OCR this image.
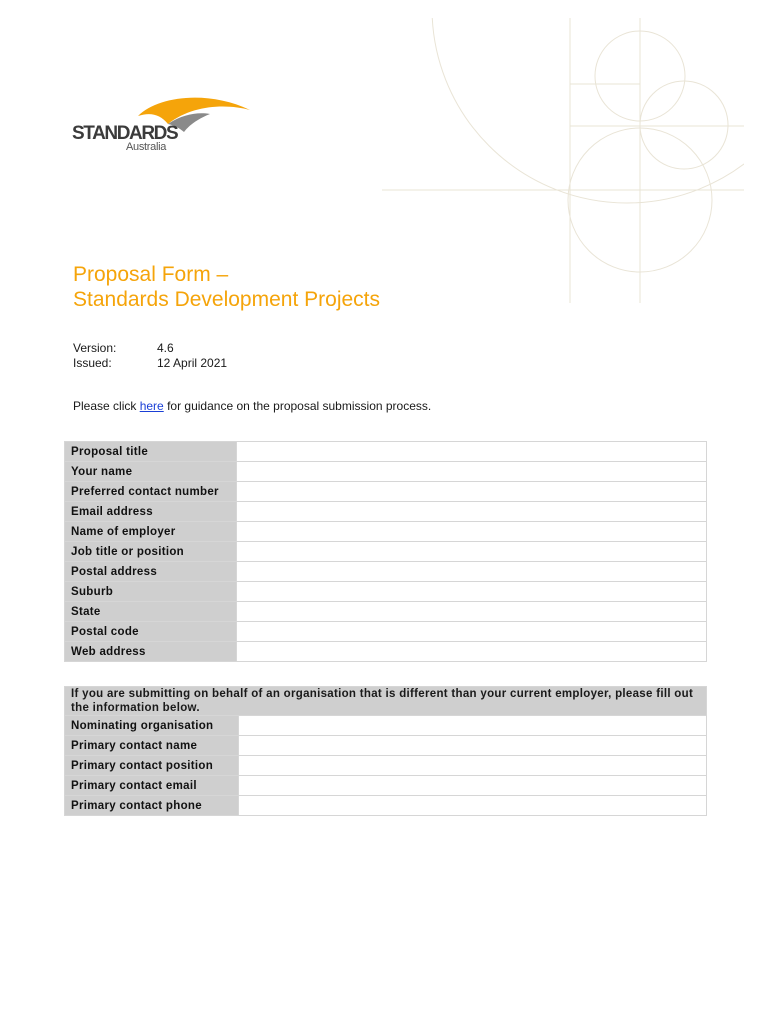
STANDARDS
Australia
Proposal Form –
Standards Development Projects
Version:	4.6
Issued:	12 April 2021
Please click here for guidance on the proposal submission process.
Proposal title	
Your name	
Preferred contact number	
Email address	
Name of employer	
Job title or position	
Postal address	
Suburb	
State	
Postal code	
Web address	
If you are submitting on behalf of an organisation that is different than your current employer, please fill out the information below.	
Nominating organisation	
Primary contact name	
Primary contact position	
Primary contact email	
Primary contact phone	
